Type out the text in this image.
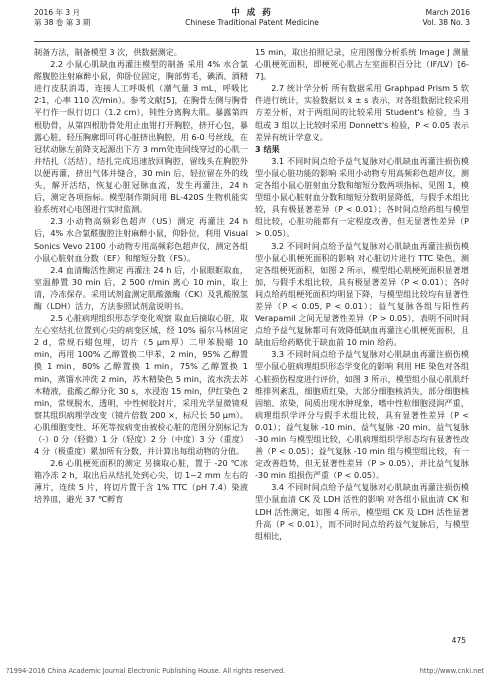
2016 年 3 月
第 38 卷 第 3 期
中 成 药
Chinese Traditional Patent Medicine
March 2016
Vol. 38 No. 3

制备方法，制备模型 3 次，供数据测定。

2.2 小鼠心肌缺血再灌注模型的制备 采用 4% 水合氯醛腹腔注射麻醉小鼠，仰卧位固定，胸部剪毛，碘酒、酒精进行皮肤消毒，连接人工呼吸机（潮气量 3 mL，呼吸比 2∶1，心率 110 次/min）。参考文献[5]，在胸骨左侧与胸骨平行作一纵行切口（1.2 cm），钝性分离胸大肌。暴露第四根肋骨，从第四根肋骨处用止血钳打开胸腔，挤开心包，暴露心脏，轻压胸廓即可将心脏挤出胸腔，用 6-0 号丝线，在冠状动脉左前降支起源出下方 3 mm处连同线穿过的心肌一并结扎（活结），结扎完成迅速放回胸腔，留线头在胸腔外以便再灌，挤出气体并缝合，30 min 后，轻拉留在外的线头，解开活结，恢复心脏冠脉血流，发生再灌注，24 h 后，测定各项指标。模型制作期间用 BL-420S 生物机能实验系统对心电图进行实时监测。

2.3 小动物高频彩色超声（US）测定 再灌注 24 h 后，4% 水合氯醛腹腔注射麻醉小鼠，仰卧位，利用 Visual Sonics Vevo 2100 小动物专用高频彩色超声仪，测定各组小鼠心脏射血分数（EF）和缩短分数（FS）。

2.4 血清酶活性测定 再灌注 24 h 后，小鼠眼眶取血，室温静置 30 min 后，2 500 r/min 离心 10 min，取上清，冷冻保存。采用试剂盒测定肌酸激酶（CK）及乳酸脱氢酶（LDH）活力，方法参照试剂盒说明书。

2.5 心脏病理组织形态学变化观察 取血后摘取心脏，取左心室结扎位置到心尖的病变区域，经 10% 福尔马林固定 2 d，常规石蜡包埋，切片（5 μm厚）二甲苯脱蜡 10 min，再用 100% 乙醇置换二甲苯，2 min，95% 乙醇置换 1 min，80% 乙醇置换 1 min，75% 乙醇置换 1 min，蒸馏水冲洗 2 min，苏木精染色 5 min，流水洗去苏木精液，盐酸乙醇分化 30 s，水浸泡 15 min，伊红染色 2 min，常规脱水，透明，中性树胶封片，采用光学显微镜观察其组织病理学改变（镜片倍数 200 ×，标尺长 50 μm）。心肌细胞变性、坏死等按病变由被检心脏的范围分别标记为（-）0 分（轻微）1 分（轻度）2 分（中度）3 分（重度）4 分（极重度）累加所有分数，并计算出每组动物的分值。

2.6 心肌梗死面积的测定 另摘取心脏，置于 -20 ℃冰箱冷冻 2 h，取出后从结扎处到心尖，切 1~2 mm 左右的薄片，连续 5 片，将切片置于含 1% TTC（pH 7.4）染液培养皿，避光 37 ℃孵育

15 min，取出拍照记录，应用图像分析系统 Image J 测量心肌梗死面积，即梗死心肌占左室面积百分比（IF/LV）[6-7]。

2.7 统计学分析 所有数据采用 Graphpad Prism 5 软件进行统计，实验数据以 x̄ ± s 表示，对各组数据比较采用方差分析，对于两组间的比较采用 Student's 检验，当 3 组或 3 组以上比较时采用 Donnett's 检验，P < 0.05 表示差异有统计学意义。

3 结果

3.1 不同时间点给予益气复脉对心肌缺血再灌注损伤模型小鼠心脏功能的影响 采用小动物专用高频彩色超声仪，测定各组小鼠心脏射血分数和缩短分数两项指标，见图 1，模型组小鼠心脏射血分数和缩短分数明显降低，与假手术组比较，具有极显著差异（P < 0.01）；各时间点给药组与模型组比较，心脏功能都有一定程度改善，但无显著性差异（P > 0.05）。

3.2 不同时间点给予益气复脉对心肌缺血再灌注损伤模型小鼠心肌梗死面积的影响 对心脏切片进行 TTC 染色，测定各组梗死面积，如图 2 所示，模型组心肌梗死面积显著增加，与假手术组比较，具有极显著差异（P < 0.01）；各时间点给药组梗死面积均明显下降，与模型组比较均有显著性差异（P < 0.05, P < 0.01）；益气复脉各组与阳性药 Verapamil 之间无显著性差异（P > 0.05），表明不同时间点给予益气复脉都可有效降低缺血再灌注心肌梗死面积，且缺血后给药略优于缺血前 10 min 给药。

3.3 不同时间点给予益气复脉对心肌缺血再灌注损伤模型小鼠心脏病理组织形态学变化的影响 利用 HE 染色对各组心脏损伤程度进行评价，如图 3 所示，模型组小鼠心肌肌纤维排列紊乱，细胞质红染，大部分细胞核消失，部分细胞核固缩、浓染，间质出现水肿现象，嗜中性粒细胞浸润严重，病理组织学评分与假手术组比较，具有显著性差异（P < 0.01）；益气复脉 -10 min、益气复脉 -20 min、益气复脉 -30 min 与模型组比较，心肌病理组织学形态均有显著性改善（P < 0.05）；益气复脉 -10 min 组与模型组比较，有一定改善趋势，但无显著性差异（P > 0.05），并比益气复脉 -30 min 组损伤严重（P < 0.05）。

3.4 不同时间点给予益气复脉对心肌缺血再灌注损伤模型小鼠血清 CK 及 LDH 活性的影响 对各组小鼠血清 CK 和 LDH 活性测定，如图 4 所示，模型组 CK 及 LDH 活性显著升高（P < 0.01），而不同时间点给药益气复脉后，与模型组相比，

475
?1994-2016 China Academic Journal Electronic Publishing House. All rights reserved.	http://www.cnki.net
